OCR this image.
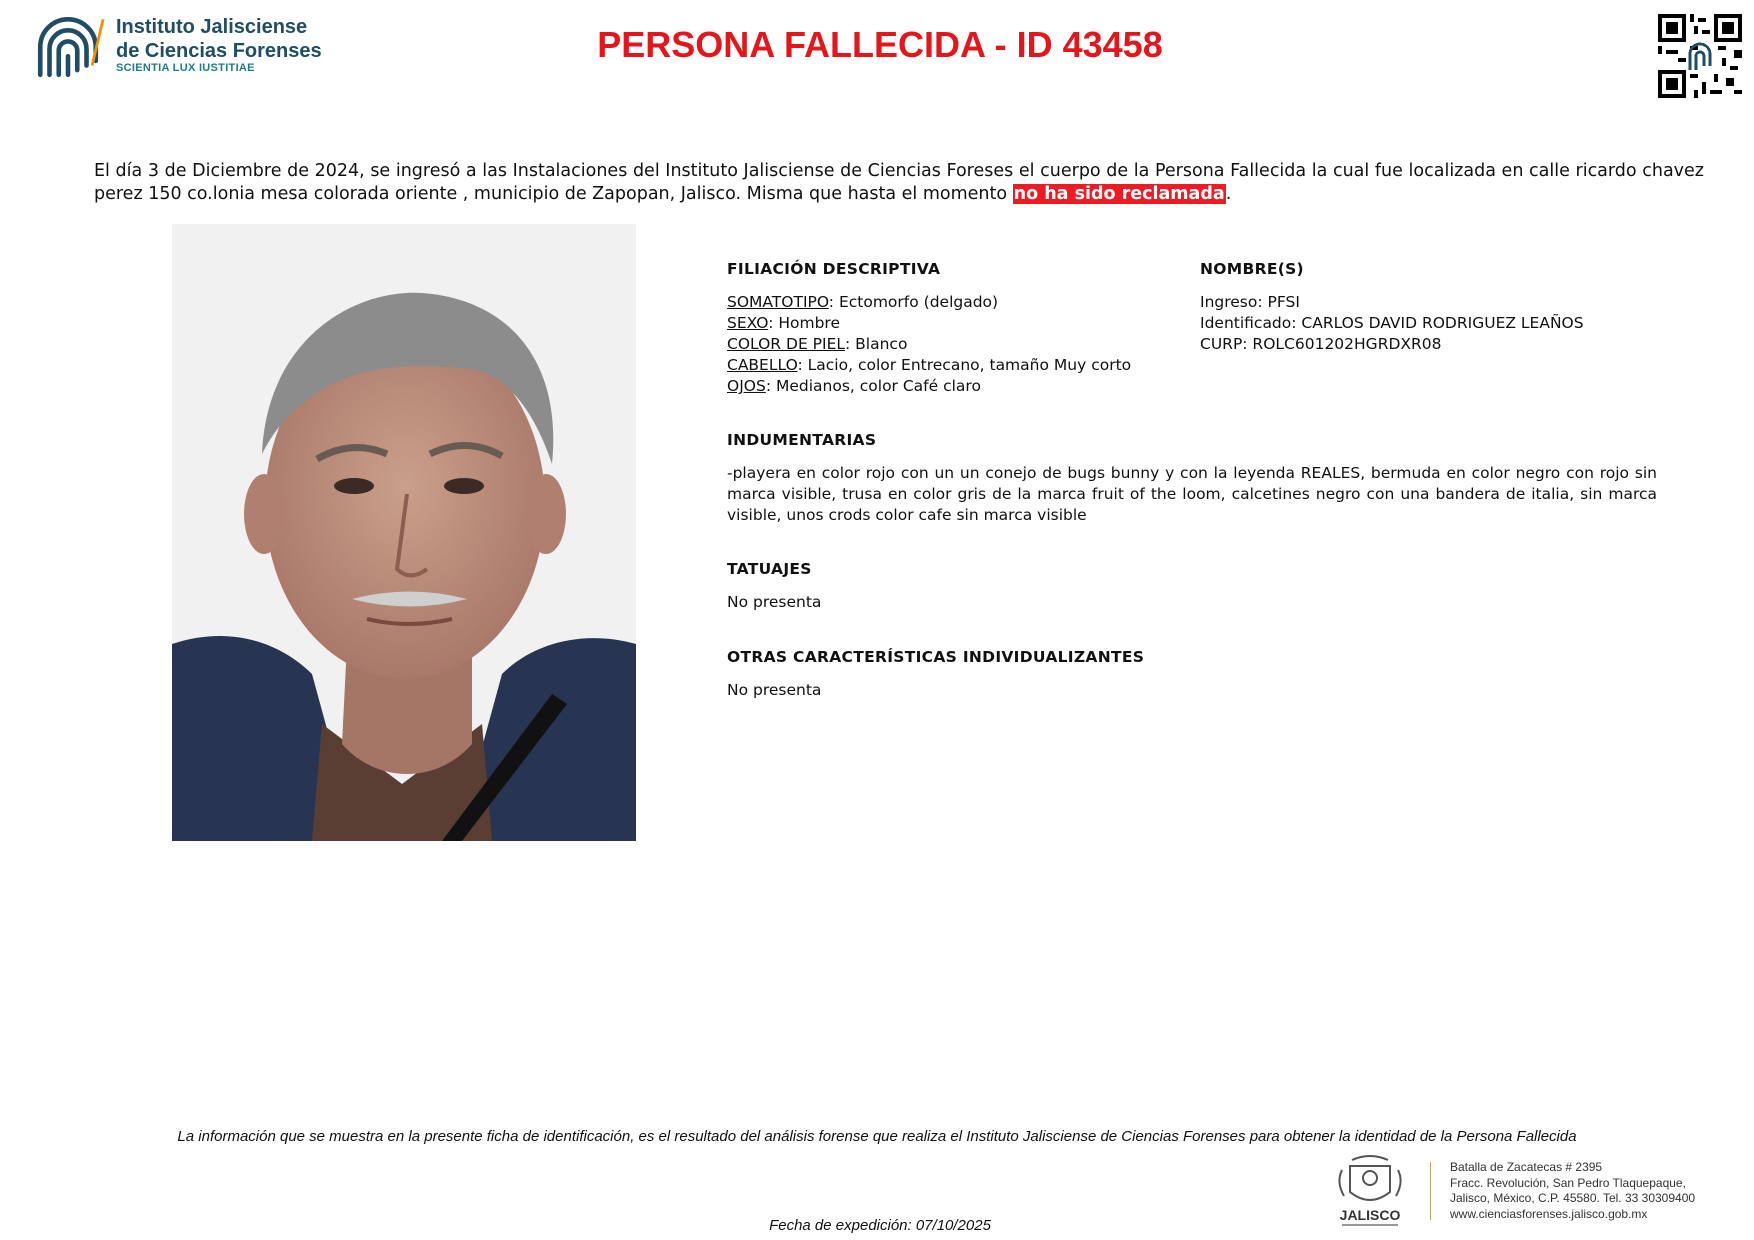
Instituto Jalisciense
de Ciencias Forenses
SCIENTIA LUX IUSTITIAE
PERSONA FALLECIDA - ID 43458
El día 3 de Diciembre de 2024, se ingresó a las Instalaciones del Instituto Jalisciense de Ciencias Foreses el cuerpo de la Persona Fallecida la cual fue localizada en calle ricardo chavez perez 150 co.lonia mesa colorada oriente , municipio de Zapopan, Jalisco. Misma que hasta el momento no ha sido reclamada.
FILIACIÓN DESCRIPTIVA
SOMATOTIPO: Ectomorfo (delgado)
SEXO: Hombre
COLOR DE PIEL: Blanco
CABELLO: Lacio, color Entrecano, tamaño Muy corto
OJOS: Medianos, color Café claro
NOMBRE(S)
Ingreso: PFSI
Identificado: CARLOS DAVID RODRIGUEZ LEAÑOS
CURP: ROLC601202HGRDXR08
INDUMENTARIAS
-playera en color rojo con un un conejo de bugs bunny y con la leyenda REALES, bermuda en color negro con rojo sin marca visible, trusa en color gris de la marca fruit of the loom, calcetines negro con una bandera de italia, sin marca visible, unos crods color cafe sin marca visible
TATUAJES
No presenta
OTRAS CARACTERÍSTICAS INDIVIDUALIZANTES
No presenta
La información que se muestra en la presente ficha de identificación, es el resultado del análisis forense que realiza el Instituto Jalisciense de Ciencias Forenses para obtener la identidad de la Persona Fallecida
JALISCO
Batalla de Zacatecas # 2395
Fracc. Revolución, San Pedro Tlaquepaque,
Jalisco, México, C.P. 45580. Tel. 33 30309400
www.cienciasforenses.jalisco.gob.mx
Fecha de expedición: 07/10/2025
